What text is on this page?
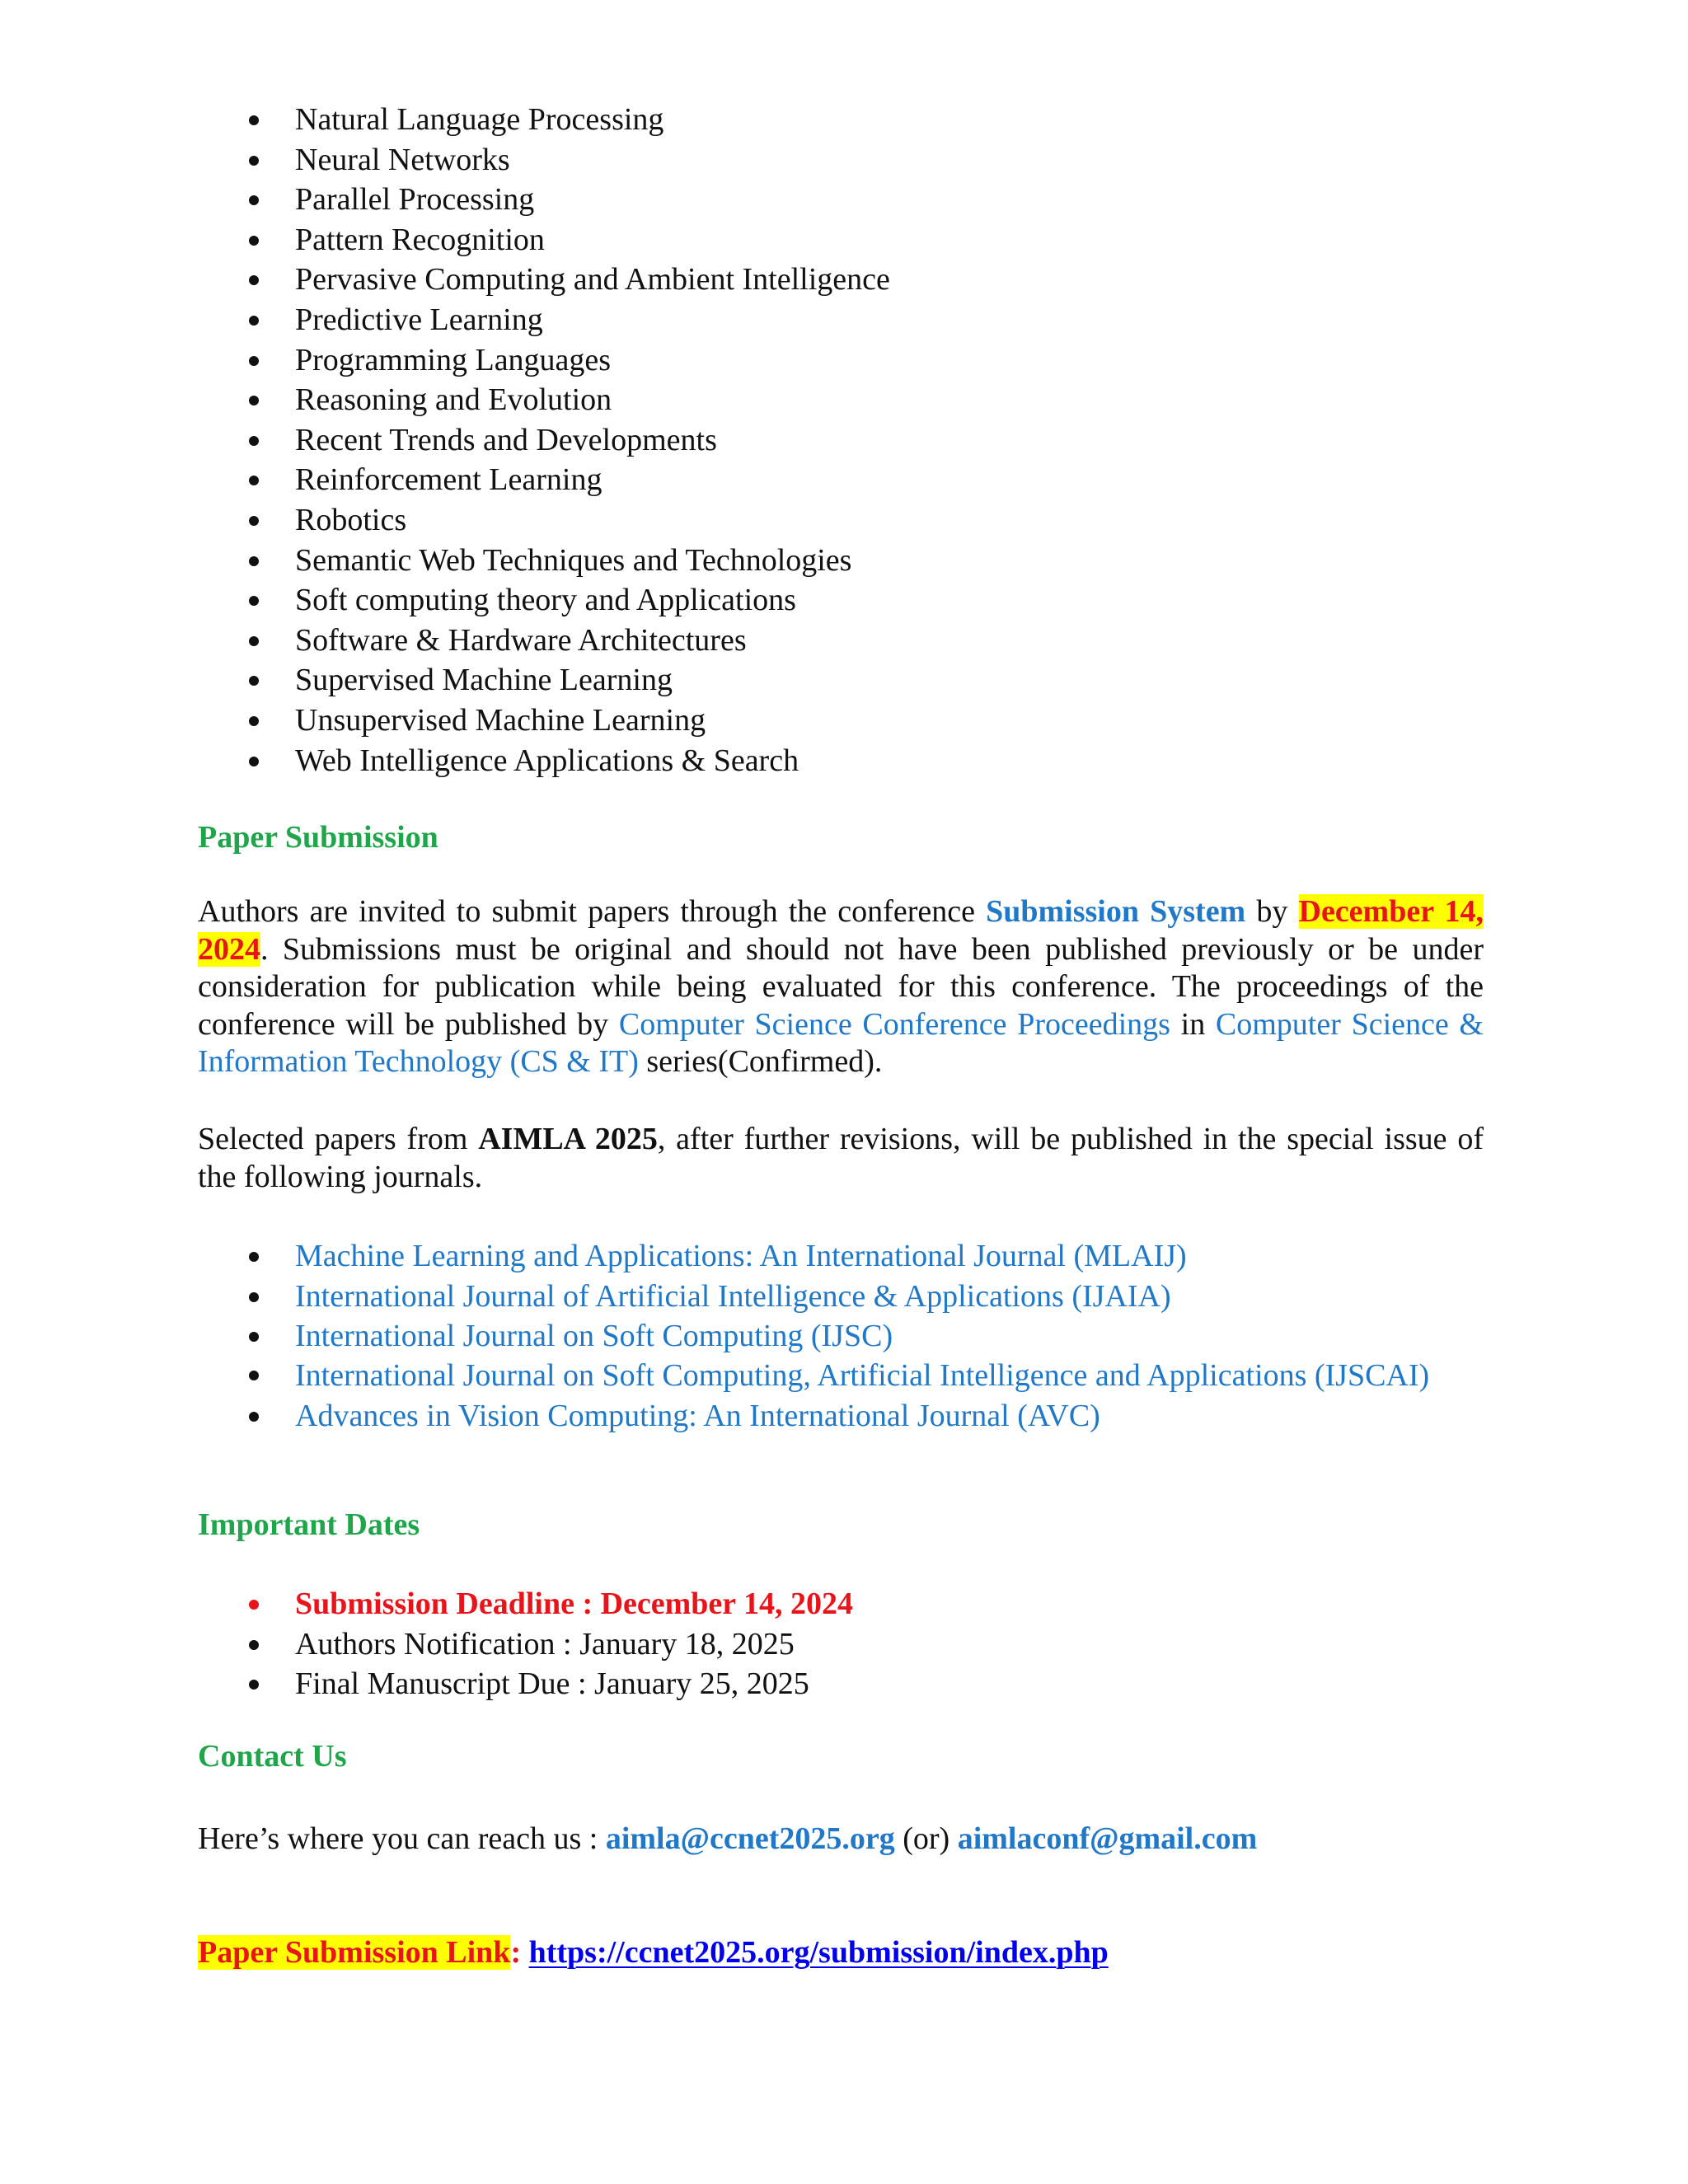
Natural Language Processing
Neural Networks
Parallel Processing
Pattern Recognition
Pervasive Computing and Ambient Intelligence
Predictive Learning
Programming Languages
Reasoning and Evolution
Recent Trends and Developments
Reinforcement Learning
Robotics
Semantic Web Techniques and Technologies
Soft computing theory and Applications
Software & Hardware Architectures
Supervised Machine Learning
Unsupervised Machine Learning
Web Intelligence Applications & Search
Paper Submission
Authors are invited to submit papers through the conference Submission System by December 14, 2024. Submissions must be original and should not have been published previously or be under consideration for publication while being evaluated for this conference. The proceedings of the conference will be published by Computer Science Conference Proceedings in Computer Science & Information Technology (CS & IT) series(Confirmed).
Selected papers from AIMLA 2025, after further revisions, will be published in the special issue of the following journals.
Machine Learning and Applications: An International Journal (MLAIJ)
International Journal of Artificial Intelligence & Applications (IJAIA)
International Journal on Soft Computing (IJSC)
International Journal on Soft Computing, Artificial Intelligence and Applications (IJSCAI)
Advances in Vision Computing: An International Journal (AVC)
Important Dates
Submission Deadline : December 14, 2024
Authors Notification : January 18, 2025
Final Manuscript Due : January 25, 2025
Contact Us
Here’s where you can reach us : aimla@ccnet2025.org (or) aimlaconf@gmail.com
Paper Submission Link: https://ccnet2025.org/submission/index.php
